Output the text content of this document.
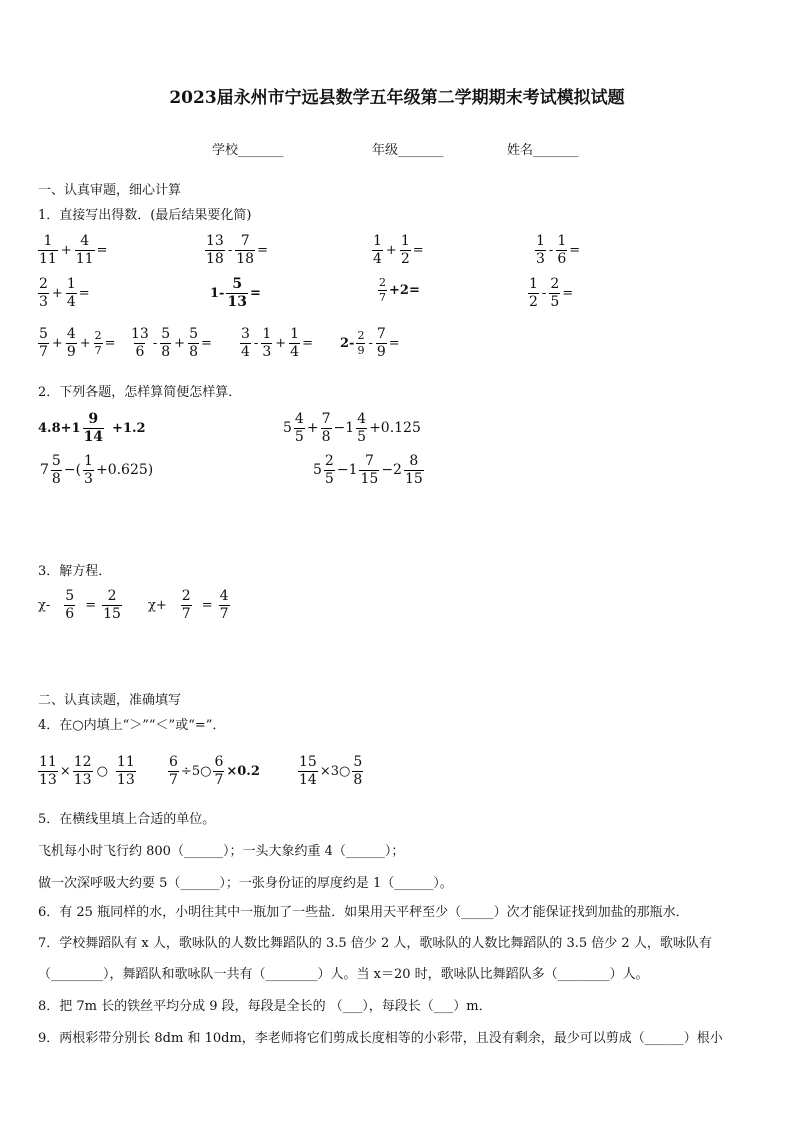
2023届永州市宁远县数学五年级第二学期期末考试模拟试题
学校_______	年级_______	姓名_______
一、认真审题，细心计算
1．直接写出得数．(最后结果要化简)
$\frac{1}{11} + \frac{4}{11}$ =	$\frac{13}{18} - \frac{7}{18}$ =	$\frac{1}{4} + \frac{1}{2}$ =	$\frac{1}{3} - \frac{1}{6}$ =
$\frac{2}{3} + \frac{1}{4}$ =	$1- \frac{5}{13}$ =	$\frac{2}{7} +2=$	$\frac{1}{2} - \frac{2}{5}$ =
$\frac{5}{7} + \frac{4}{9} + \frac{2}{7} = \frac{13}{6} - \frac{5}{8} + \frac{5}{8} = \frac{3}{4} - \frac{1}{3} + \frac{1}{4} = 2- \frac{2}{9} - \frac{7}{9}$ =
2．下列各题，怎样算简便怎样算．
$4.8+1 \frac{9}{14} +1.2$	$5 \frac{4}{5} + \frac{7}{8} -1 \frac{4}{5} +0.125$
$7 \frac{5}{8}$ −( $\frac{1}{3} +0.625$)	$5 \frac{2}{5} -1 \frac{7}{15} -2 \frac{8}{15}$
3．解方程．
$\chi- \frac{5}{6} = \frac{2}{15} \chi+ \frac{2}{7} = \frac{4}{7}$
二、认真读题，准确填写
4．在○内填上“＞”“＜”或“=”．
$\frac{11}{13} \times \frac{12}{13}$ ○ $\frac{11}{13} \frac{6}{7}$ ÷5○ $\frac{6}{7} \times 0.2$	$\frac{15}{14}$ ×3○ $\frac{5}{8}$
5．在横线里填上合适的单位。
飞机每小时飞行约 800（______）；一头大象约重 4（______）；
做一次深呼吸大约要 5（______）；一张身份证的厚度约是 1（______）。
6．有 25 瓶同样的水，小明往其中一瓶加了一些盐．如果用天平秤至少（_____）次才能保证找到加盐的那瓶水．
7．学校舞蹈队有 x 人，歌咏队的人数比舞蹈队的 3.5 倍少 2 人，歌咏队的人数比舞蹈队的 3.5 倍少 2 人，歌咏队有
（________），舞蹈队和歌咏队一共有（________）人。当 x＝20 时，歌咏队比舞蹈队多（________）人。
8．把 7m 长的铁丝平均分成 9 段，每段是全长的 （___），每段长（___）m．
9．两根彩带分别长 8dm 和 10dm，李老师将它们剪成长度相等的小彩带，且没有剩余，最少可以剪成（______）根小
